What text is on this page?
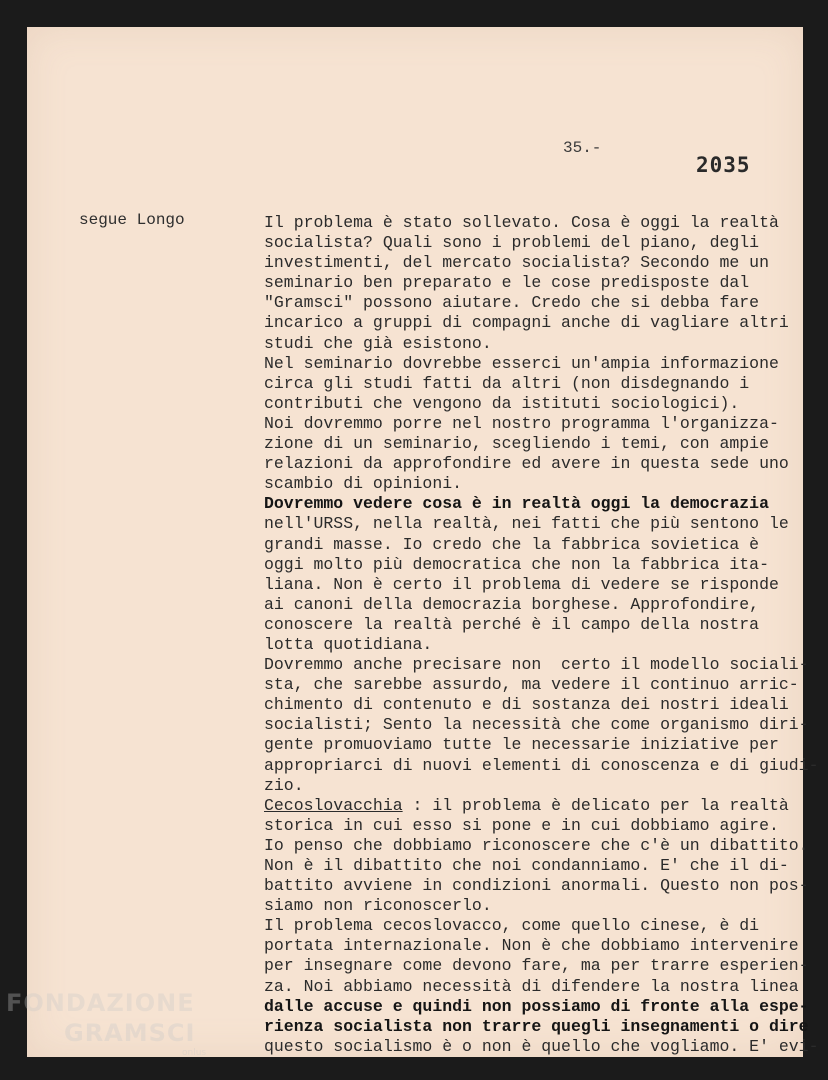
35.-

2035

segue Longo	Il problema è stato sollevato. Cosa è oggi la realtà
socialista? Quali sono i problemi del piano, degli
investimenti, del mercato socialista? Secondo me un
seminario ben preparato e le cose predisposte dal
"Gramsci" possono aiutare. Credo che si debba fare
incarico a gruppi di compagni anche di vagliare altri
studi che già esistono.
Nel seminario dovrebbe esserci un'ampia informazione
circa gli studi fatti da altri (non disdegnando i
contributi che vengono da istituti sociologici).
Noi dovremmo porre nel nostro programma l'organizza-
zione di un seminario, scegliendo i temi, con ampie
relazioni da approfondire ed avere in questa sede uno
scambio di opinioni.
Dovremmo vedere cosa è in realtà oggi la democrazia
nell'URSS, nella realtà, nei fatti che più sentono le
grandi masse. Io credo che la fabbrica sovietica è
oggi molto più democratica che non la fabbrica ita-
liana. Non è certo il problema di vedere se risponde
ai canoni della democrazia borghese. Approfondire,
conoscere la realtà perché è il campo della nostra
lotta quotidiana.
Dovremmo anche precisare non  certo il modello sociali-
sta, che sarebbe assurdo, ma vedere il continuo arric-
chimento di contenuto e di sostanza dei nostri ideali
socialisti; Sento la necessità che come organismo diri-
gente promuoviamo tutte le necessarie iniziative per
appropriarci di nuovi elementi di conoscenza e di giudi-
zio.
Cecoslovacchia : il problema è delicato per la realtà
storica in cui esso si pone e in cui dobbiamo agire.
Io penso che dobbiamo riconoscere che c'è un dibattito.
Non è il dibattito che noi condanniamo. E' che il di-
battito avviene in condizioni anormali. Questo non pos-
siamo non riconoscerlo.
Il problema cecoslovacco, come quello cinese, è di
portata internazionale. Non è che dobbiamo intervenire
per insegnare come devono fare, ma per trarre esperien-
za. Noi abbiamo necessità di difendere la nostra linea
dalle accuse e quindi non possiamo di fronte alla espe-
rienza socialista non trarre quegli insegnamenti o dire
questo socialismo è o non è quello che vogliamo. E' evi-
FONDAZIONE
GRAMSCI
onlus
